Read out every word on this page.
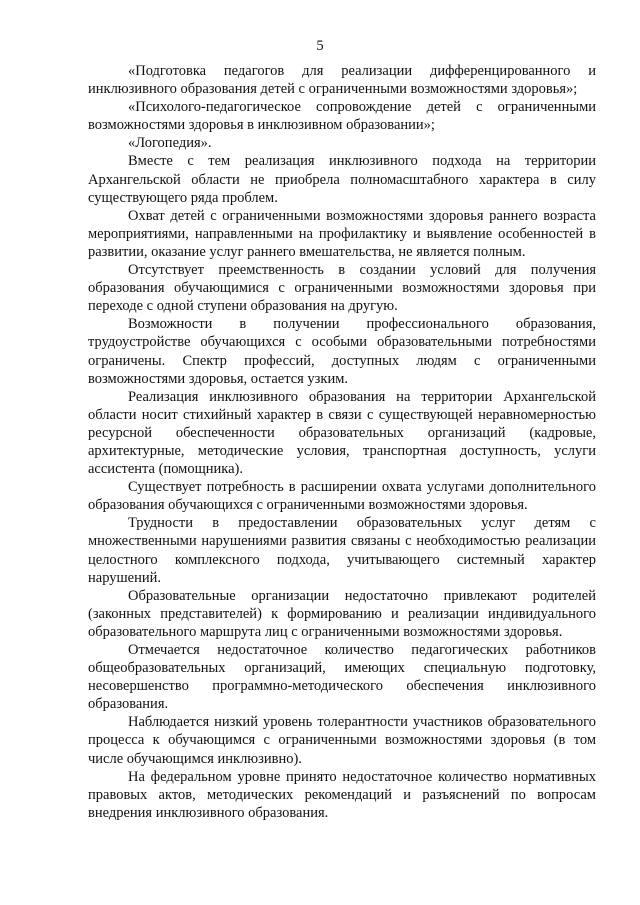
5

«Подготовка педагогов для реализации дифференцированного и инклюзивного образования детей с ограниченными возможностями здоровья»;

«Психолого-педагогическое сопровождение детей с ограниченными возможностями здоровья в инклюзивном образовании»;

«Логопедия».

Вместе с тем реализация инклюзивного подхода на территории Архангельской области не приобрела полномасштабного характера в силу существующего ряда проблем.

Охват детей с ограниченными возможностями здоровья раннего возраста мероприятиями, направленными на профилактику и выявление особенностей в развитии, оказание услуг раннего вмешательства, не является полным.

Отсутствует преемственность в создании условий для получения образования обучающимися с ограниченными возможностями здоровья при переходе с одной ступени образования на другую.

Возможности в получении профессионального образования, трудоустройстве обучающихся с особыми образовательными потребностями ограничены. Спектр профессий, доступных людям с ограниченными возможностями здоровья, остается узким.

Реализация инклюзивного образования на территории Архангельской области носит стихийный характер в связи с существующей неравномерностью ресурсной обеспеченности образовательных организаций (кадровые, архитектурные, методические условия, транспортная доступность, услуги ассистента (помощника).

Существует потребность в расширении охвата услугами дополнительного образования обучающихся с ограниченными возможностями здоровья.

Трудности в предоставлении образовательных услуг детям с множественными нарушениями развития связаны с необходимостью реализации целостного комплексного подхода, учитывающего системный характер нарушений.

Образовательные организации недостаточно привлекают родителей (законных представителей) к формированию и реализации индивидуального образовательного маршрута лиц с ограниченными возможностями здоровья.

Отмечается недостаточное количество педагогических работников общеобразовательных организаций, имеющих специальную подготовку, несовершенство программно-методического обеспечения инклюзивного образования.

Наблюдается низкий уровень толерантности участников образовательного процесса к обучающимся с ограниченными возможностями здоровья (в том числе обучающимся инклюзивно).

На федеральном уровне принято недостаточное количество нормативных правовых актов, методических рекомендаций и разъяснений по вопросам внедрения инклюзивного образования.
